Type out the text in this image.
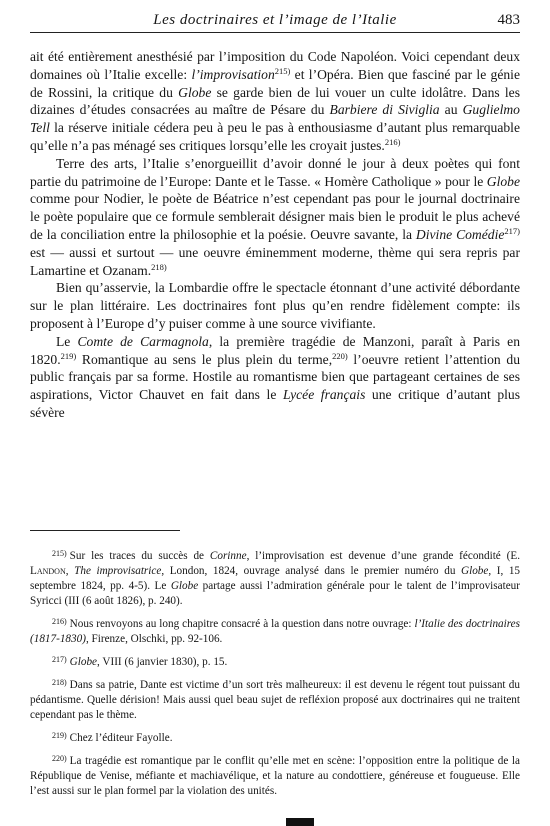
Les doctrinaires et l’image de l’Italie	483

ait été entièrement anesthésié par l’imposition du Code Napoléon. Voici cependant deux domaines où l’Italie excelle: l’improvisation$^{215)}$ et l’Opéra. Bien que fasciné par le génie de Rossini, la critique du Globe se garde bien de lui vouer un culte idolâtre. Dans les dizaines d’études consacrées au maître de Pésare du Barbiere di Siviglia au Guglielmo Tell la réserve initiale cédera peu à peu le pas à enthousiasme d’autant plus remarquable qu’elle n’a pas ménagé ses critiques lorsqu’elle les croyait justes.$^{216)}$

Terre des arts, l’Italie s’enorgueillit d’avoir donné le jour à deux poètes qui font partie du patrimoine de l’Europe: Dante et le Tasse. « Homère Catholique » pour le Globe comme pour Nodier, le poète de Béatrice n’est cependant pas pour le journal doctrinaire le poète populaire que ce formule semblerait désigner mais bien le produit le plus achevé de la conciliation entre la philosophie et la poésie. Oeuvre savante, la Divine Comédie$^{217)}$ est — aussi et surtout — une oeuvre éminemment moderne, thème qui sera repris par Lamartine et Ozanam.$^{218)}$

Bien qu’asservie, la Lombardie offre le spectacle étonnant d’une activité débordante sur le plan littéraire. Les doctrinaires font plus qu’en rendre fidèlement compte: ils proposent à l’Europe d’y puiser comme à une source vivifiante.

Le Comte de Carmagnola, la première tragédie de Manzoni, paraît à Paris en 1820.$^{219)}$ Romantique au sens le plus plein du terme,$^{220)}$ l’oeuvre retient l’attention du public français par sa forme. Hostile au romantisme bien que partageant certaines de ses aspirations, Victor Chauvet en fait dans le Lycée français une critique d’autant plus sévère

$^{215)}$ Sur les traces du succès de Corinne, l’improvisation est devenue d’une grande fécondité (E. Landon, The improvisatrice, London, 1824, ouvrage analysé dans le premier numéro du Globe, I, 15 septembre 1824, pp. 4-5). Le Globe partage aussi l’admiration générale pour le talent de l’improvisateur Syricci (III (6 août 1826), p. 240).

$^{216)}$ Nous renvoyons au long chapitre consacré à la question dans notre ouvrage: l’Italie des doctrinaires (1817-1830), Firenze, Olschki, pp. 92-106.

$^{217)}$ Globe, VIII (6 janvier 1830), p. 15.

$^{218)}$ Dans sa patrie, Dante est victime d’un sort très malheureux: il est devenu le régent tout puissant du pédantisme. Quelle dérision! Mais aussi quel beau sujet de refléxion proposé aux doctrinaires qui ne traitent cependant pas le thème.

$^{219)}$ Chez l’éditeur Fayolle.

$^{220)}$ La tragédie est romantique par le conflit qu’elle met en scène: l’opposition entre la politique de la République de Venise, méfiante et machiavélique, et la nature au condottiere, généreuse et fougueuse. Elle l’est aussi sur le plan formel par la violation des unités.
